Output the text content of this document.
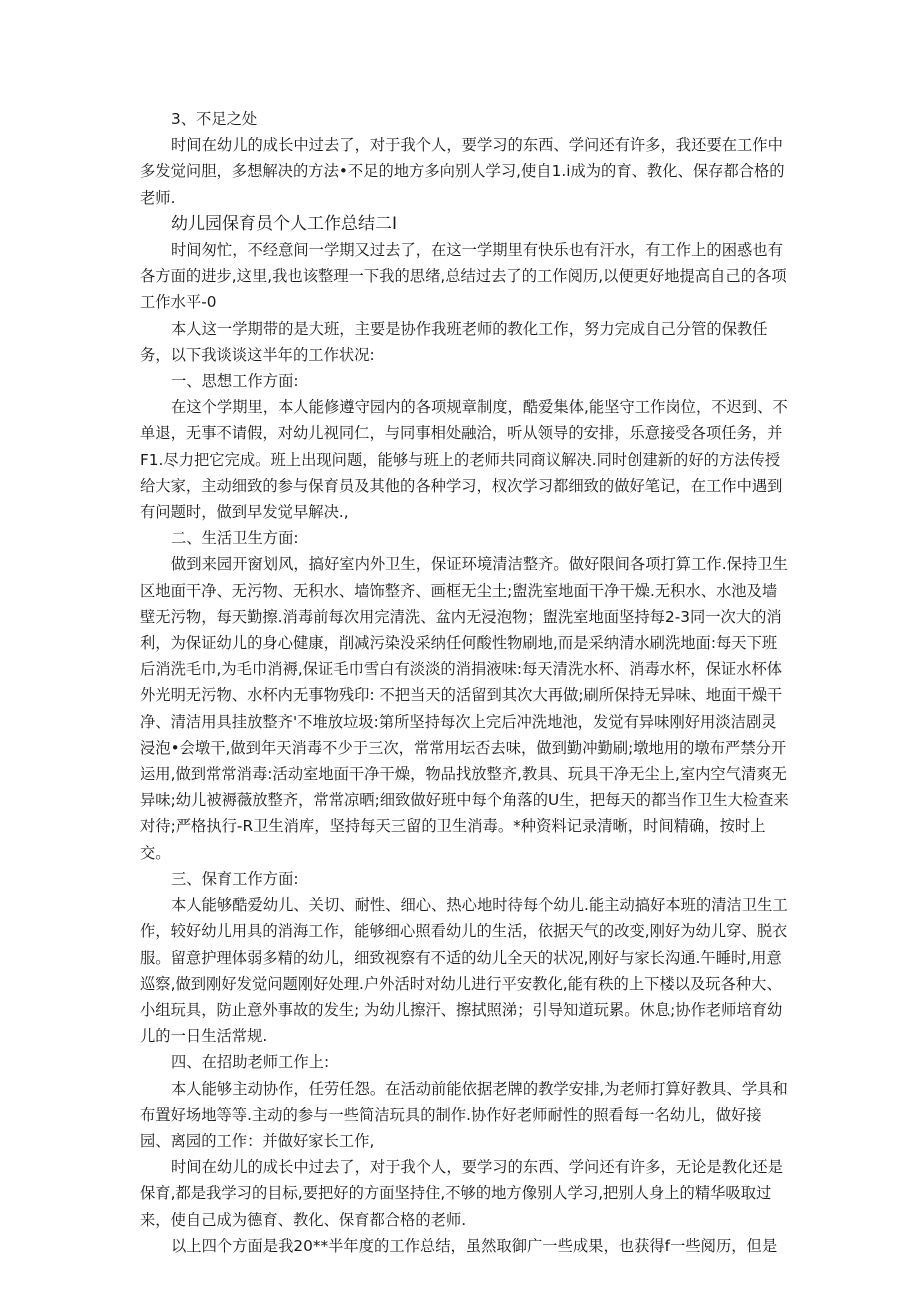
3、不足之处

时间在幼儿的成长中过去了，对于我个人，要学习的东西、学问还有许多，我还要在工作中多发觉问胆，多想解决的方法•不足的地方多向别人学习,使自1.i成为的育、教化、保存都合格的老师.

幼儿园保育员个人工作总结二I

时间匆忙，不经意间一学期又过去了，在这一学期里有快乐也有汗水，有工作上的困惑也有各方面的进步,这里,我也该整理一下我的思绪,总结过去了的工作阅历,以便更好地提高自己的各项工作水平-0

本人这一学期带的是大班，主要是协作我班老师的教化工作，努力完成自己分管的保教任务，以下我谈谈这半年的工作状况:

一、思想工作方面:

在这个学期里，本人能修遵守园内的各项规章制度，酷爱集体,能坚守工作岗位，不迟到、不单退，无事不请假，对幼儿视同仁，与同事相处融洽，听从领导的安排，乐意接受各项任务，并F1.尽力把它完成。班上出现问题，能够与班上的老师共同商议解决.同时创建新的好的方法传授给大家，主动细致的参与保育员及其他的各种学习，杈次学习都细致的做好笔记，在工作中遇到有问题时，做到早发觉早解决.,

二、生活卫生方面:

做到来园开窗划风，搞好室内外卫生，保证环境清洁整齐。做好限间各项打算工作.保持卫生区地面干净、无污物、无积水、墙饰整齐、画框无尘土;盥洗室地面干净干燥.无积水、水池及墙壁无污物，每天勤擦.消毒前每次用完清洗、盆内无浸泡物；盥洗室地面坚持每2-3同一次大的消利，为保证幼儿的身心健康，削减污染没采纳任何酸性物刷地,而是采纳清水刷洗地面:每天下班后消洗毛巾,为毛巾消褥,保证毛巾雪白有淡淡的消捐液味:每天清洗水杯、消毒水杯，保证水杯体外光明无污物、水杯内无事物残印: 不把当天的活留到其次大再做;刷所保持无异味、地面干燥干净、清洁用具挂放整齐'不堆放垃圾:第所坚持每次上完后冲洗地池，发觉有异味刚好用淡洁剧灵浸泡•会墩干,做到年天消毒不少于三次，常常用坛否去味，做到勤冲勤刷;墩地用的墩布严禁分开运用,做到常常消毒:活动室地面干净干燥，物品找放整齐,教具、玩具干净无尘上,室内空气清爽无异味;幼儿被褥薇放整齐，常常凉晒;细致做好班中每个角落的U生，把每天的都当作卫生大检查来对待;严格执行-R卫生消库，坚持每天三留的卫生消毒。*种资料记录清晰，时间精确，按时上交。

三、保育工作方面:

本人能够酷爱幼儿、关切、耐性、细心、热心地时待每个幼儿.能主动搞好本班的清洁卫生工作，较好幼儿用具的消海工作，能够细心照看幼儿的生活，依据天气的改变,刚好为幼儿穿、脱衣服。留意护理体弱多精的幼儿，细致视察有不适的幼儿全天的状况,刚好与家长沟通.午睡时,用意巡察,做到刚好发觉问题刚好处理.户外活时对幼儿进行平安教化,能有秩的上下楼以及玩各种大、小组玩具，防止意外事故的发生; 为幼儿擦汗、擦拭照涕；引导知道玩累。休息;协作老师培育幼儿的一日生活常规.

四、在招助老师工作上:

本人能够主动协作，任劳任怨。在活动前能依据老牌的教学安排,为老师打算好教具、学具和布置好场地等等.主动的参与一些简洁玩具的制作.协作好老师耐性的照看每一名幼儿，做好接园、离园的工作：并做好家长工作,

时间在幼儿的成长中过去了，对于我个人，要学习的东西、学问还有许多，无论是教化还是保育,都是我学习的目标,要把好的方面坚持住,不够的地方像别人学习,把别人身上的精华吸取过来，使自己成为德育、教化、保育都合格的老师.

以上四个方面是我20**半年度的工作总结，虽然取御广一些成果，也获得f一些阅历，但是
